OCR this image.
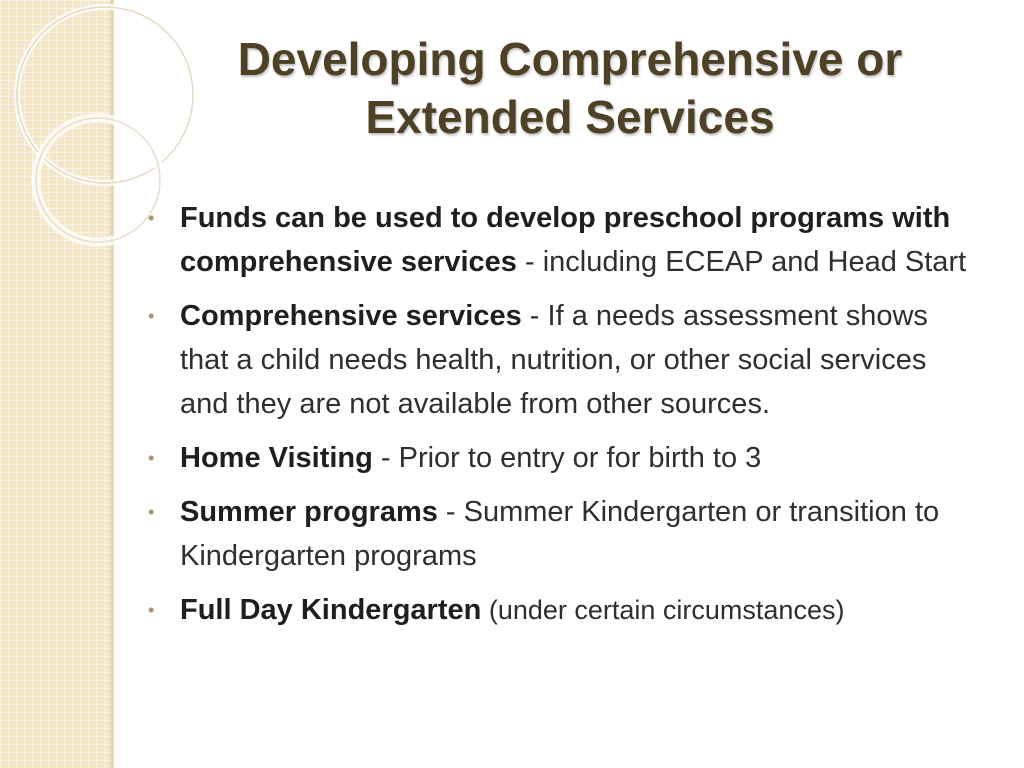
Developing Comprehensive or Extended Services
• Funds can be used to develop preschool programs with comprehensive services - including ECEAP and Head Start
• Comprehensive services - If a needs assessment shows that a child needs health, nutrition, or other social services and they are not available from other sources.
• Home Visiting - Prior to entry or for birth to 3
• Summer programs - Summer Kindergarten or transition to Kindergarten programs
• Full Day Kindergarten (under certain circumstances)
